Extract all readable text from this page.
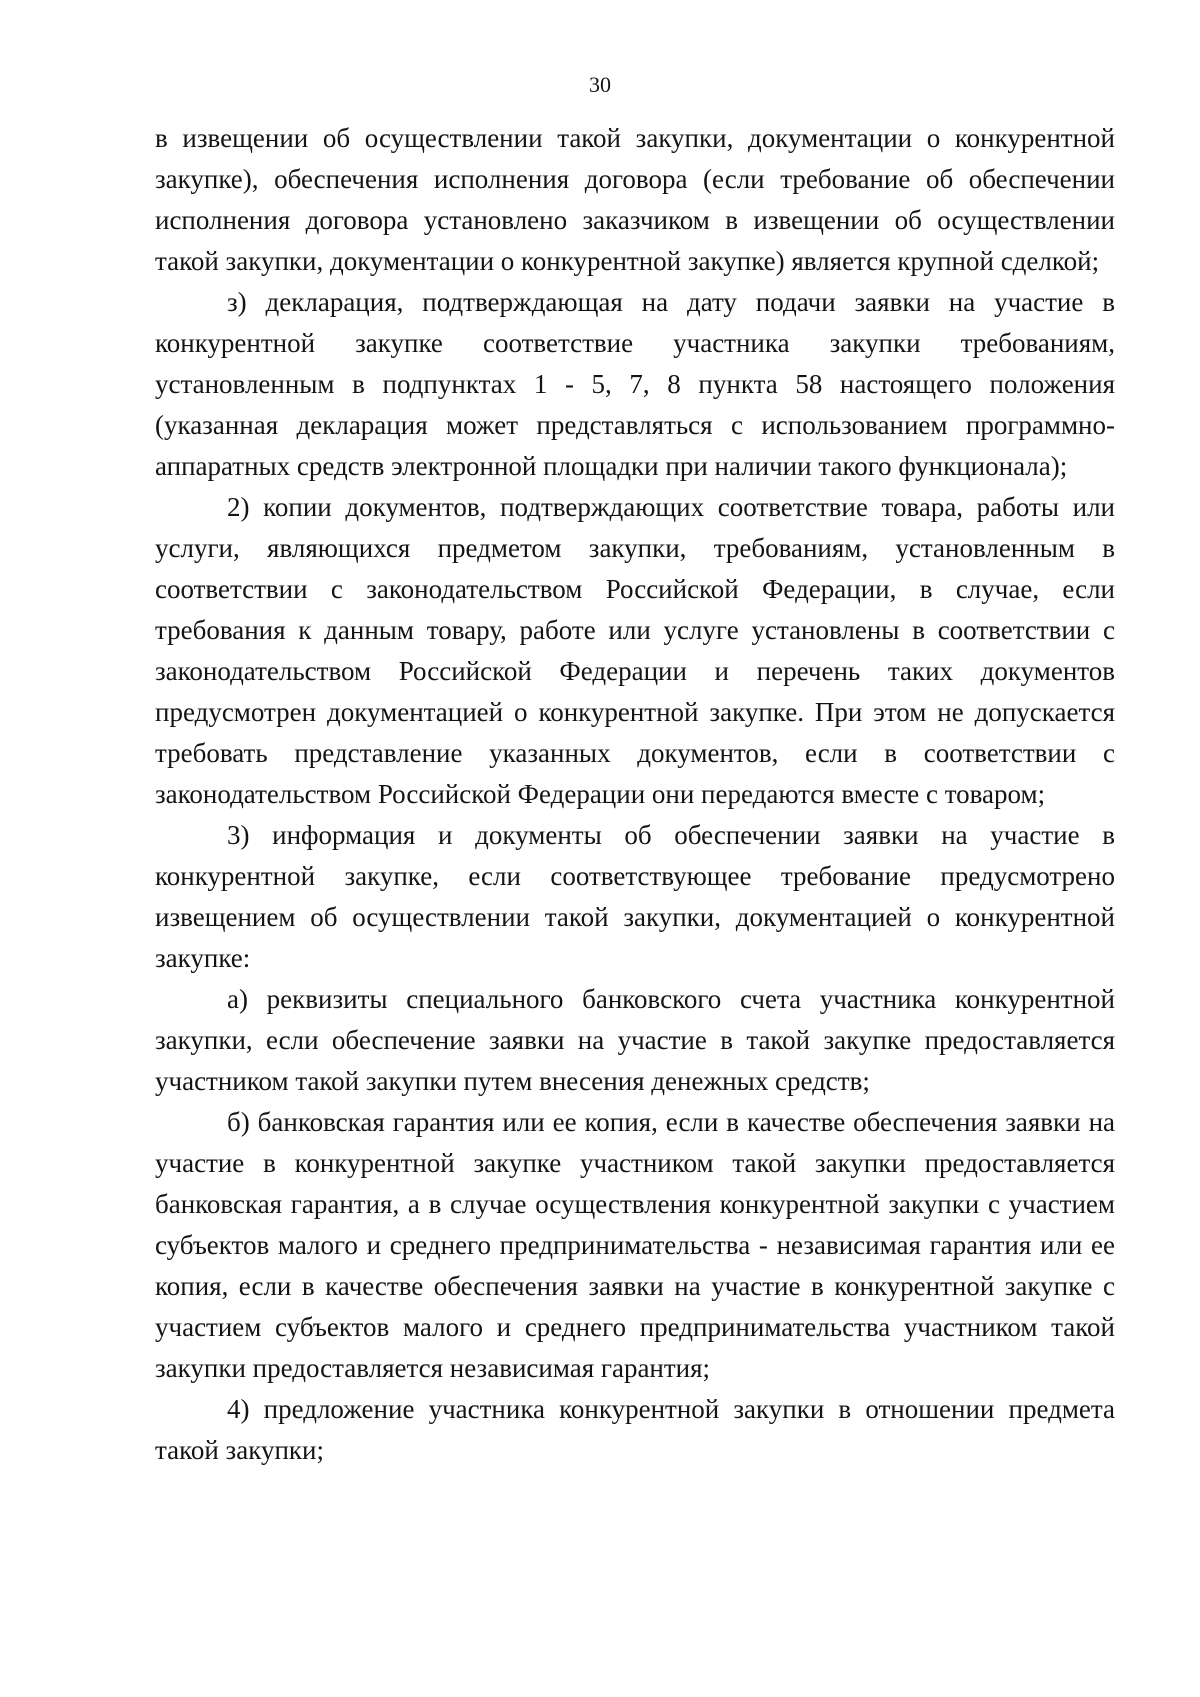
30

в извещении об осуществлении такой закупки, документации о конкурентной закупке), обеспечения исполнения договора (если требование об обеспечении исполнения договора установлено заказчиком в извещении об осуществлении такой закупки, документации о конкурентной закупке) является крупной сделкой;

з) декларация, подтверждающая на дату подачи заявки на участие в конкурентной закупке соответствие участника закупки требованиям, установленным в подпунктах 1 - 5, 7, 8 пункта 58 настоящего положения (указанная декларация может представляться с использованием программно-аппаратных средств электронной площадки при наличии такого функционала);

2) копии документов, подтверждающих соответствие товара, работы или услуги, являющихся предметом закупки, требованиям, установленным в соответствии с законодательством Российской Федерации, в случае, если требования к данным товару, работе или услуге установлены в соответствии с законодательством Российской Федерации и перечень таких документов предусмотрен документацией о конкурентной закупке. При этом не допускается требовать представление указанных документов, если в соответствии с законодательством Российской Федерации они передаются вместе с товаром;

3) информация и документы об обеспечении заявки на участие в конкурентной закупке, если соответствующее требование предусмотрено извещением об осуществлении такой закупки, документацией о конкурентной закупке:

а) реквизиты специального банковского счета участника конкурентной закупки, если обеспечение заявки на участие в такой закупке предоставляется участником такой закупки путем внесения денежных средств;

б) банковская гарантия или ее копия, если в качестве обеспечения заявки на участие в конкурентной закупке участником такой закупки предоставляется банковская гарантия, а в случае осуществления конкурентной закупки с участием субъектов малого и среднего предпринимательства - независимая гарантия или ее копия, если в качестве обеспечения заявки на участие в конкурентной закупке с участием субъектов малого и среднего предпринимательства участником такой закупки предоставляется независимая гарантия;

4) предложение участника конкурентной закупки в отношении предмета такой закупки;
